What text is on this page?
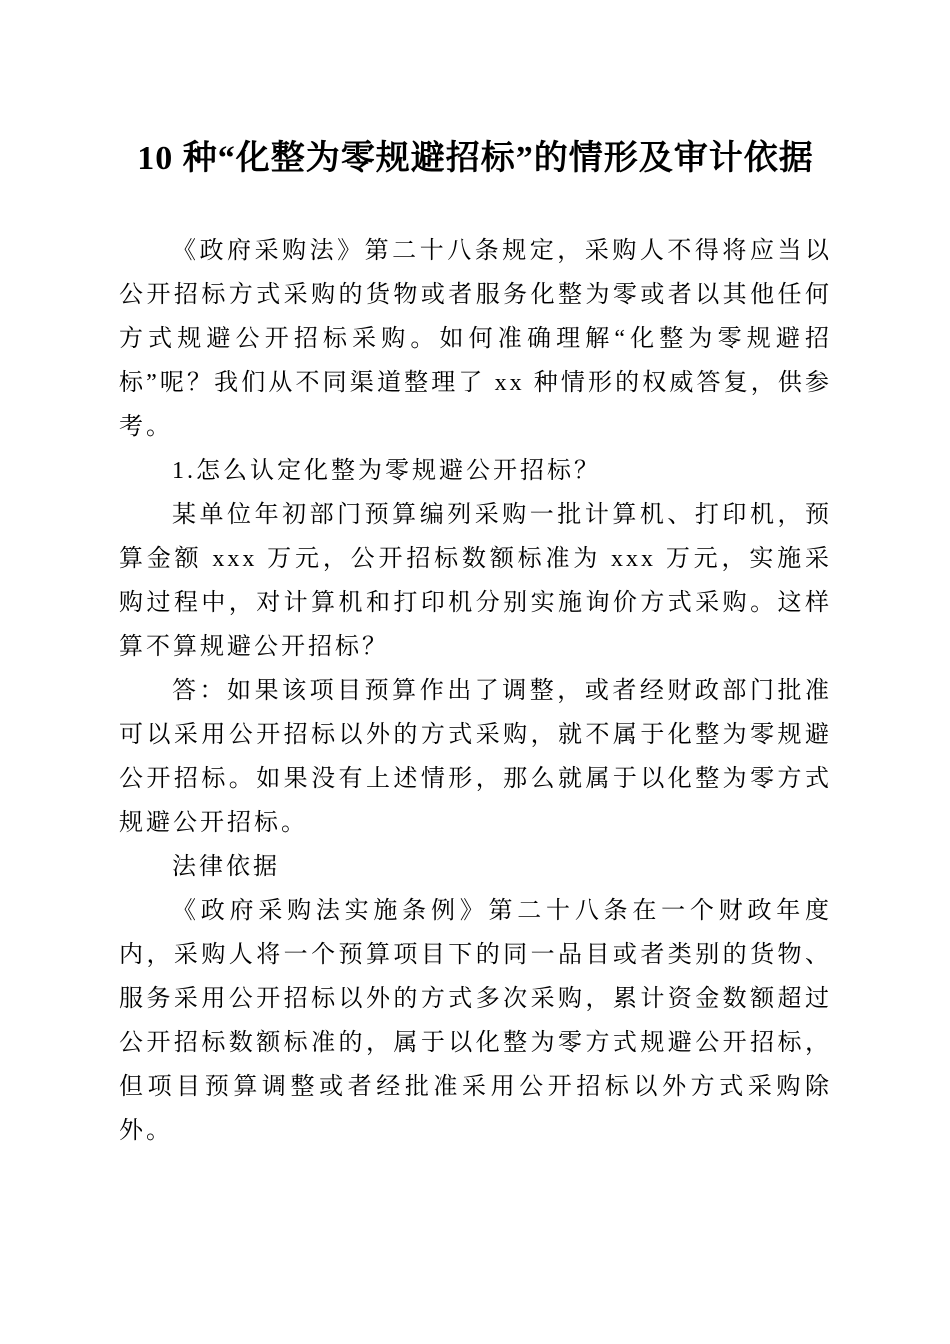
10 种“化整为零规避招标”的情形及审计依据

《政府采购法》第二十八条规定，采购人不得将应当以公开招标方式采购的货物或者服务化整为零或者以其他任何方式规避公开招标采购。如何准确理解“化整为零规避招标”呢？我们从不同渠道整理了 xx 种情形的权威答复，供参考。

1.怎么认定化整为零规避公开招标？

某单位年初部门预算编列采购一批计算机、打印机，预算金额 xxx 万元，公开招标数额标准为 xxx 万元，实施采购过程中，对计算机和打印机分别实施询价方式采购。这样算不算规避公开招标？

答：如果该项目预算作出了调整，或者经财政部门批准可以采用公开招标以外的方式采购，就不属于化整为零规避公开招标。如果没有上述情形，那么就属于以化整为零方式规避公开招标。

法律依据

《政府采购法实施条例》第二十八条在一个财政年度内，采购人将一个预算项目下的同一品目或者类别的货物、服务采用公开招标以外的方式多次采购，累计资金数额超过公开招标数额标准的，属于以化整为零方式规避公开招标，但项目预算调整或者经批准采用公开招标以外方式采购除外。
